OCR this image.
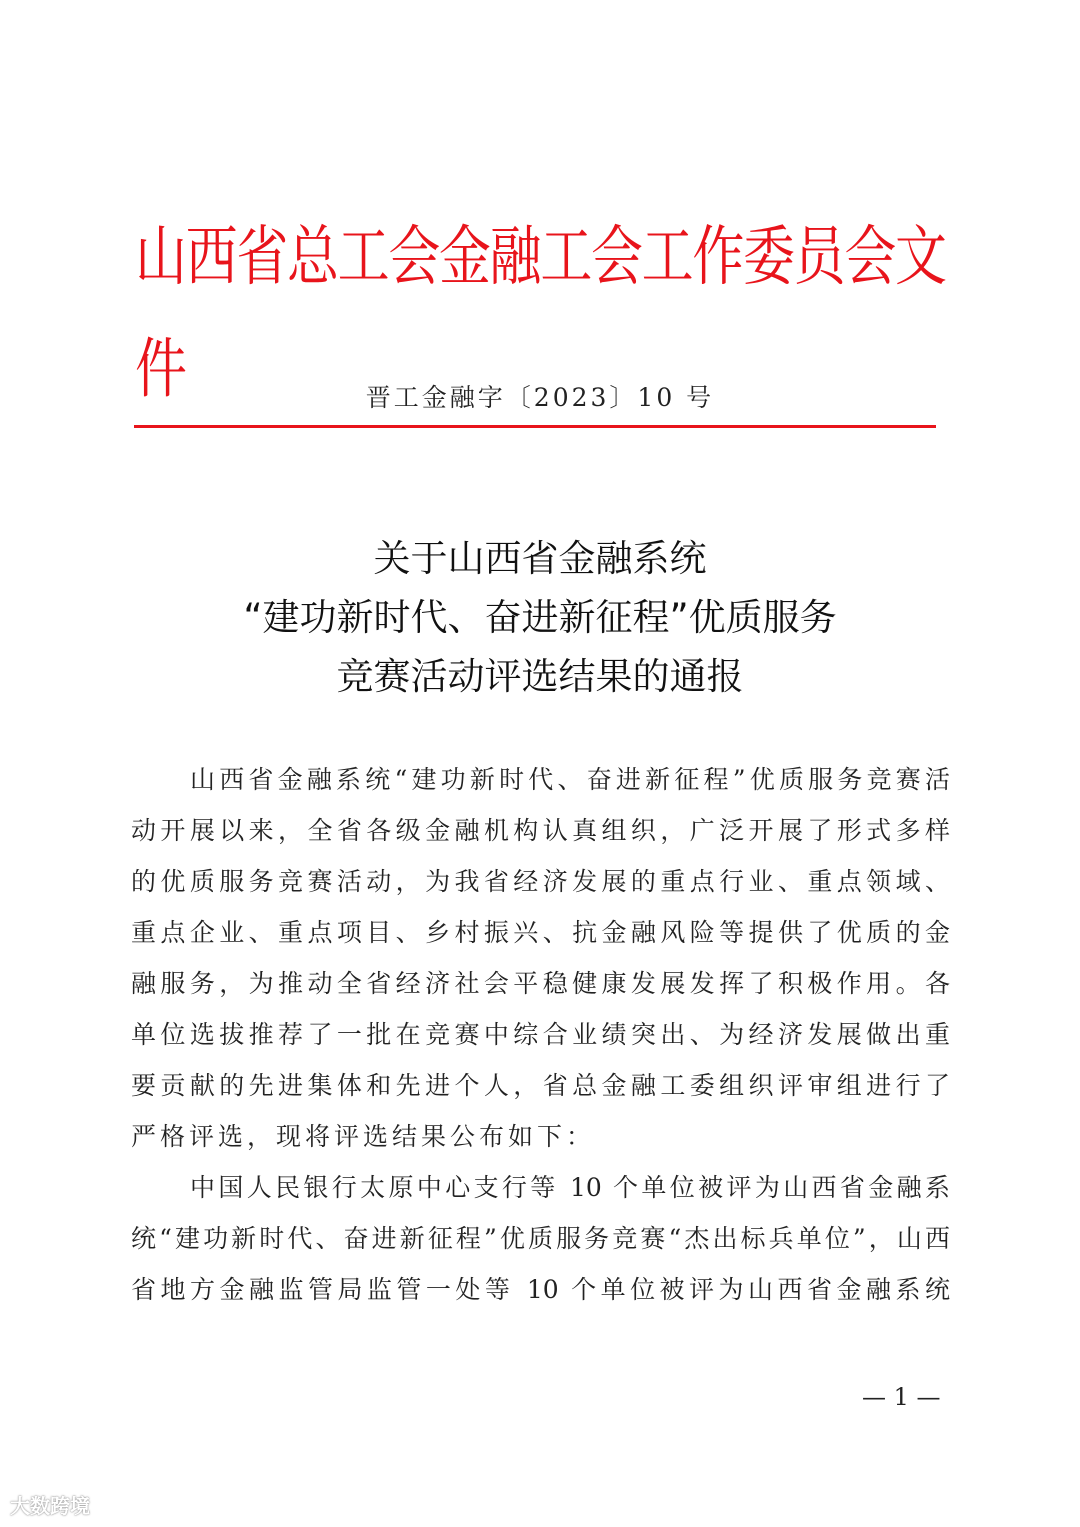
山西省总工会金融工会工作委员会文件	晋工金融字〔2023〕10 号
关于山西省金融系统
“建功新时代、奋进新征程”优质服务
竞赛活动评选结果的通报
山西省金融系统“建功新时代、奋进新征程”优质服务竞赛活
动开展以来，全省各级金融机构认真组织，广泛开展了形式多样
的优质服务竞赛活动，为我省经济发展的重点行业、重点领域、
重点企业、重点项目、乡村振兴、抗金融风险等提供了优质的金
融服务，为推动全省经济社会平稳健康发展发挥了积极作用。各
单位选拔推荐了一批在竞赛中综合业绩突出、为经济发展做出重
要贡献的先进集体和先进个人，省总金融工委组织评审组进行了
严格评选，现将评选结果公布如下：
中国人民银行太原中心支行等 10 个单位被评为山西省金融系
统“建功新时代、奋进新征程”优质服务竞赛“杰出标兵单位”，山西
省地方金融监管局监管一处等 10 个单位被评为山西省金融系统
— 1 —
大数跨境
